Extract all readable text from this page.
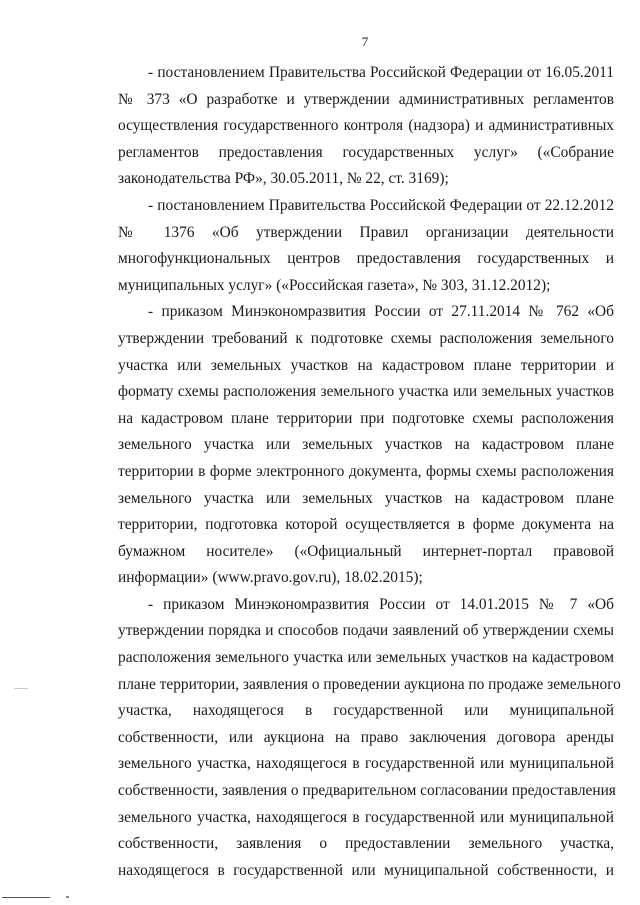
7
- постановлением Правительства Российской Федерации от 16.05.2011
№ 373 «О разработке и утверждении административных регламентов
осуществления государственного контроля (надзора) и административных
регламентов предоставления государственных услуг» («Собрание
законодательства РФ», 30.05.2011, № 22, ст. 3169);
- постановлением Правительства Российской Федерации от 22.12.2012
№ 1376 «Об утверждении Правил организации деятельности
многофункциональных центров предоставления государственных и
муниципальных услуг» («Российская газета», № 303, 31.12.2012);
- приказом Минэкономразвития России от 27.11.2014 № 762 «Об
утверждении требований к подготовке схемы расположения земельного
участка или земельных участков на кадастровом плане территории и
формату схемы расположения земельного участка или земельных участков
на кадастровом плане территории при подготовке схемы расположения
земельного участка или земельных участков на кадастровом плане
территории в форме электронного документа, формы схемы расположения
земельного участка или земельных участков на кадастровом плане
территории, подготовка которой осуществляется в форме документа на
бумажном носителе» («Официальный интернет-портал правовой
информации» (www.pravo.gov.ru), 18.02.2015);
- приказом Минэкономразвития России от 14.01.2015 № 7 «Об
утверждении порядка и способов подачи заявлений об утверждении схемы
расположения земельного участка или земельных участков на кадастровом
плане территории, заявления о проведении аукциона по продаже земельного
участка, находящегося в государственной или муниципальной
собственности, или аукциона на право заключения договора аренды
земельного участка, находящегося в государственной или муниципальной
собственности, заявления о предварительном согласовании предоставления
земельного участка, находящегося в государственной или муниципальной
собственности, заявления о предоставлении земельного участка,
находящегося в государственной или муниципальной собственности, и
